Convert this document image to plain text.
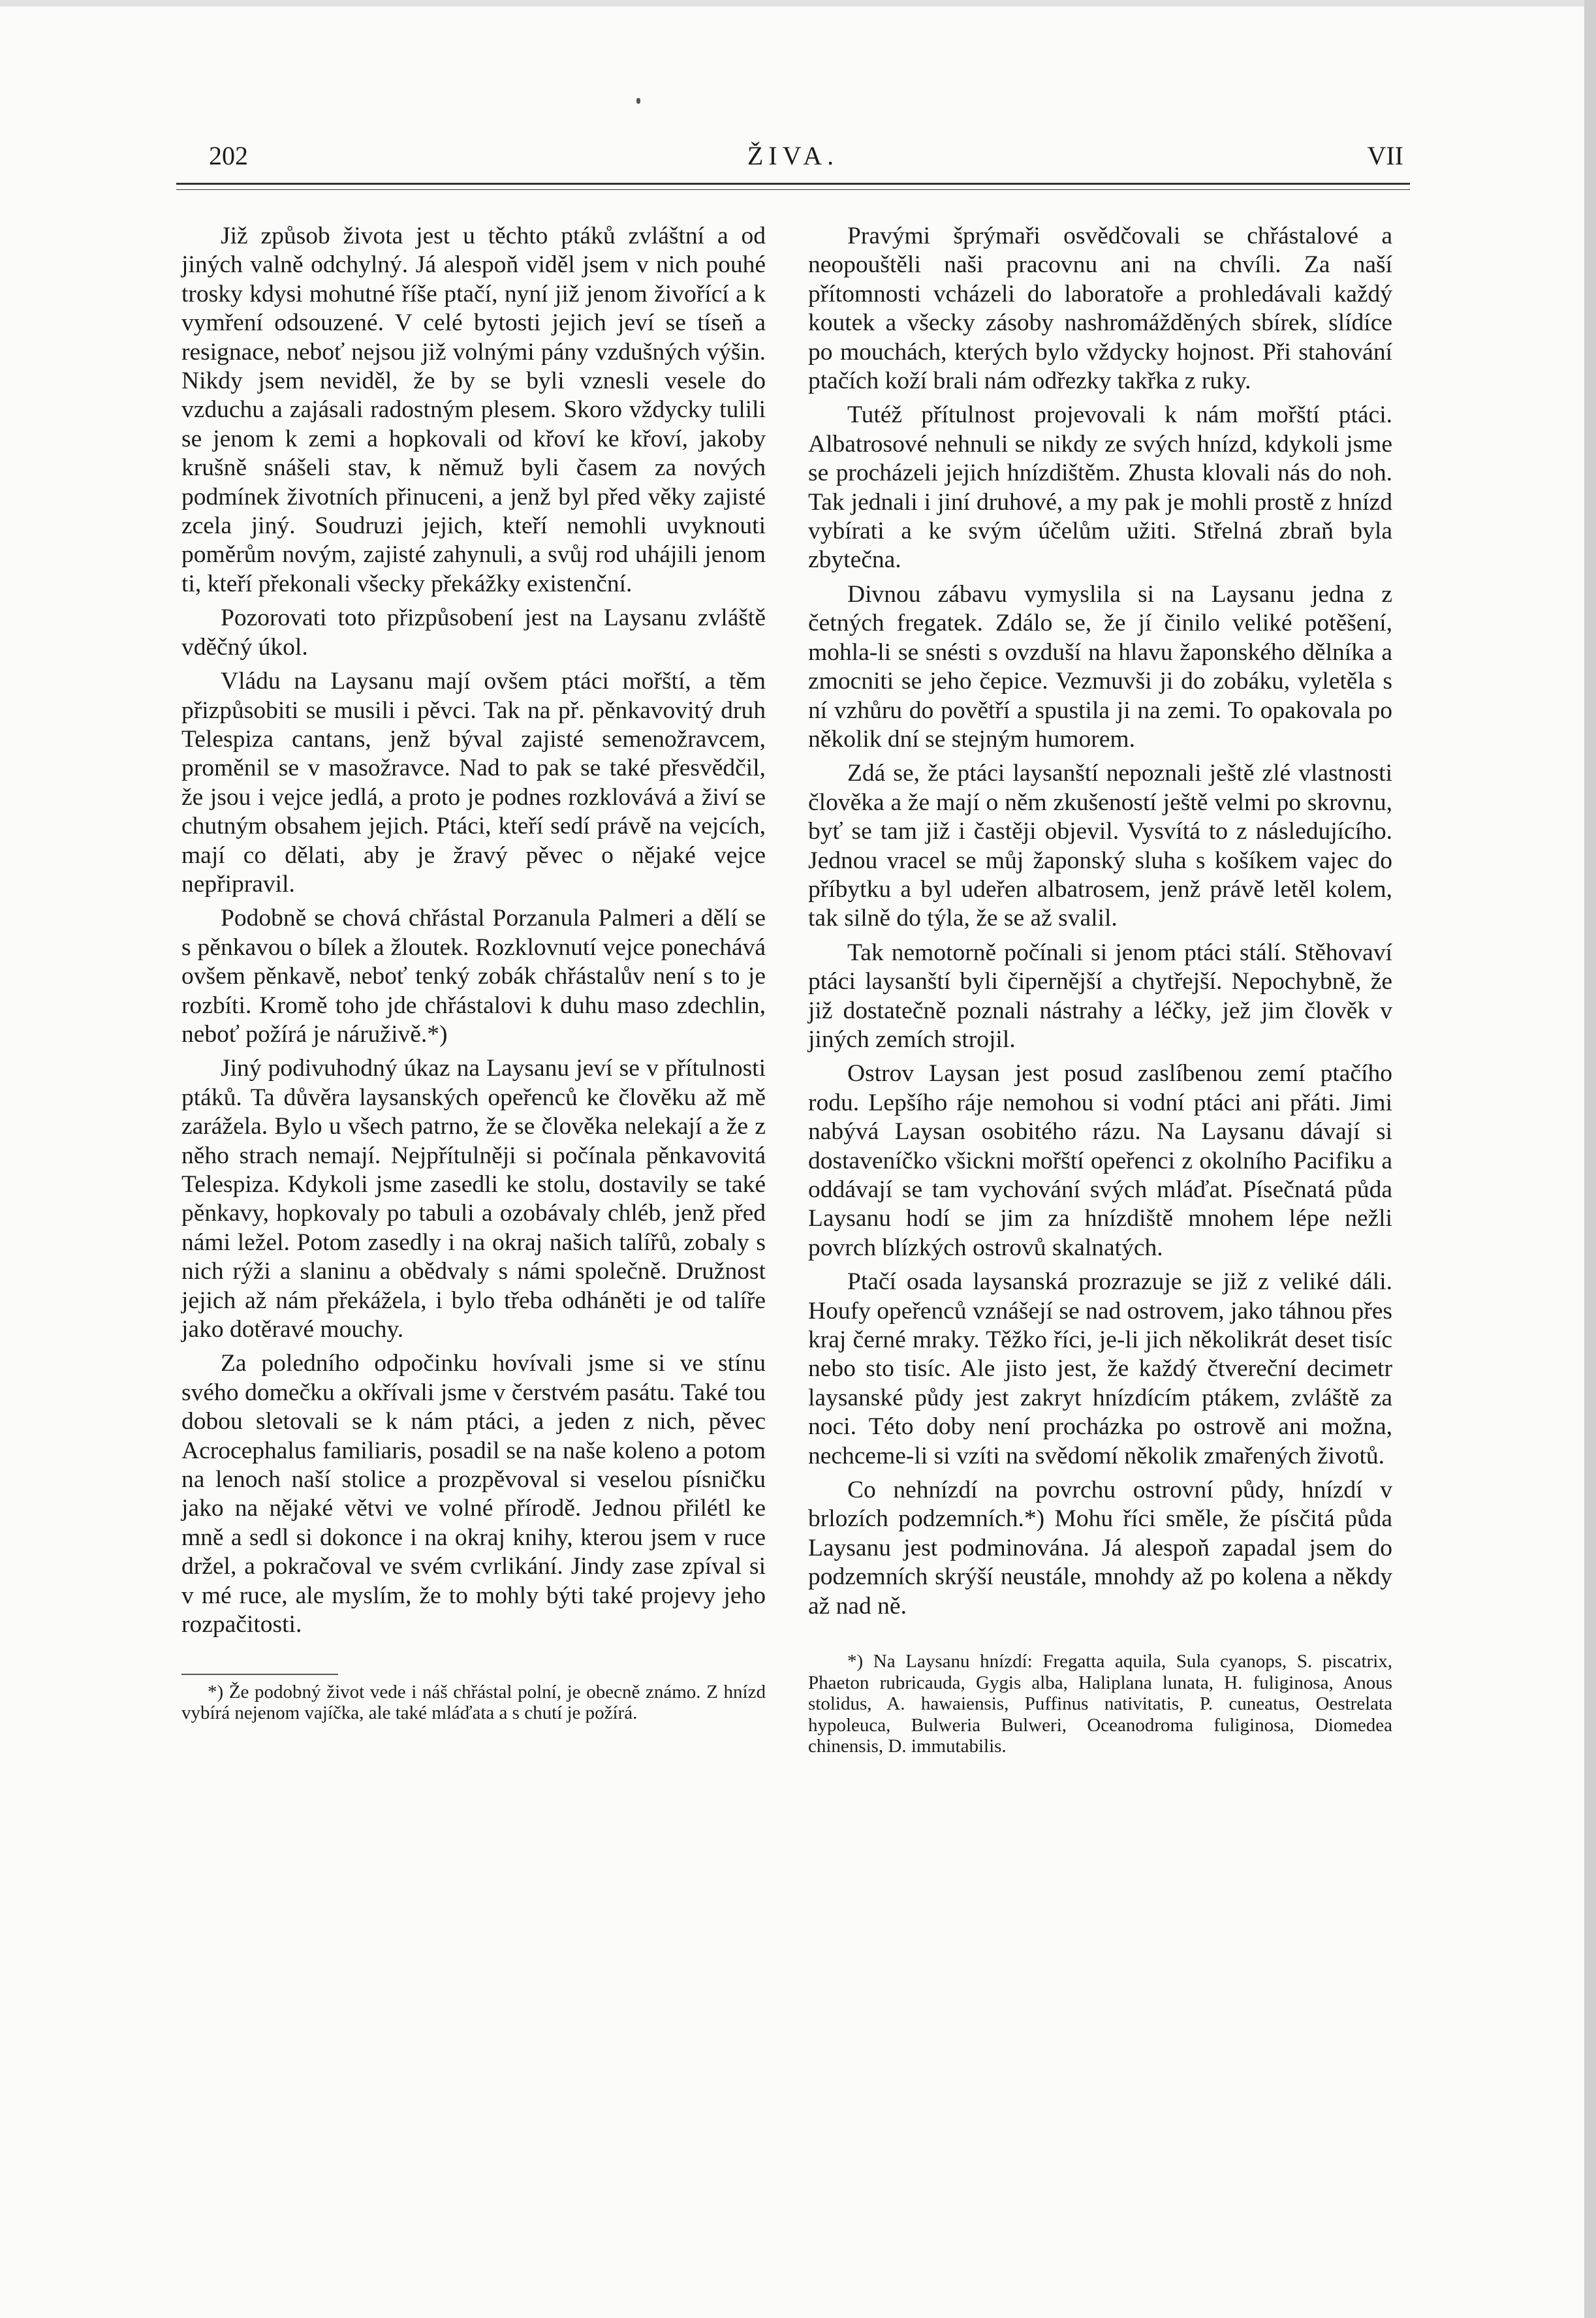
202	ŽIVA.	VII

Již způsob života jest u těchto ptáků zvláštní a od jiných valně odchylný. Já alespoň viděl jsem v nich pouhé trosky kdysi mohutné říše ptačí, nyní již jenom živořící a k vymření odsouzené. V celé bytosti jejich jeví se tíseň a resignace, neboť nejsou již volnými pány vzdušných výšin. Nikdy jsem neviděl, že by se byli vznesli vesele do vzduchu a zajásali radostným plesem. Skoro vždycky tulili se jenom k zemi a hopkovali od křoví ke křoví, jakoby krušně snášeli stav, k němuž byli časem za nových podmínek životních přinuceni, a jenž byl před věky zajisté zcela jiný. Soudruzi jejich, kteří nemohli uvyknouti poměrům novým, zajisté zahynuli, a svůj rod uhájili jenom ti, kteří překonali všecky překážky existenční.

Pozorovati toto přizpůsobení jest na Laysanu zvláště vděčný úkol.

Vládu na Laysanu mají ovšem ptáci mořští, a těm přizpůsobiti se musili i pěvci. Tak na př. pěnkavovitý druh Telespiza cantans, jenž býval zajisté semenožravcem, proměnil se v masožravce. Nad to pak se také přesvědčil, že jsou i vejce jedlá, a proto je podnes rozklovává a živí se chutným obsahem jejich. Ptáci, kteří sedí právě na vejcích, mají co dělati, aby je žravý pěvec o nějaké vejce nepřipravil.

Podobně se chová chřástal Porzanula Palmeri a dělí se s pěnkavou o bílek a žloutek. Rozklovnutí vejce ponechává ovšem pěnkavě, neboť tenký zobák chřástalův není s to je rozbíti. Kromě toho jde chřástalovi k duhu maso zdechlin, neboť požírá je náruživě.*)

Jiný podivuhodný úkaz na Laysanu jeví se v přítulnosti ptáků. Ta důvěra laysanských opeřenců ke člověku až mě zarážela. Bylo u všech patrno, že se člověka nelekají a že z něho strach nemají. Nejpřítulněji si počínala pěnkavovitá Telespiza. Kdykoli jsme zasedli ke stolu, dostavily se také pěnkavy, hopkovaly po tabuli a ozobávaly chléb, jenž před námi ležel. Potom zasedly i na okraj našich talířů, zobaly s nich rýži a slaninu a obědvaly s námi společně. Družnost jejich až nám překážela, i bylo třeba odháněti je od talíře jako dotěravé mouchy.

Za poledního odpočinku hovívali jsme si ve stínu svého domečku a okřívali jsme v čerstvém pasátu. Také tou dobou sletovali se k nám ptáci, a jeden z nich, pěvec Acrocephalus familiaris, posadil se na naše koleno a potom na lenoch naší stolice a prozpěvoval si veselou písničku jako na nějaké větvi ve volné přírodě. Jednou přilétl ke mně a sedl si dokonce i na okraj knihy, kterou jsem v ruce držel, a pokračoval ve svém cvrlikání. Jindy zase zpíval si v mé ruce, ale myslím, že to mohly býti také projevy jeho rozpačitosti.

*) Že podobný život vede i náš chřástal polní, je obecně známo. Z hnízd vybírá nejenom vajíčka, ale také mláďata a s chutí je požírá.

Pravými šprýmaři osvědčovali se chřástalové a neopouštěli naši pracovnu ani na chvíli. Za naší přítomnosti vcházeli do laboratoře a prohledávali každý koutek a všecky zásoby nashromážděných sbírek, slídíce po mouchách, kterých bylo vždycky hojnost. Při stahování ptačích koží brali nám odřezky takřka z ruky.

Tutéž přítulnost projevovali k nám mořští ptáci. Albatrosové nehnuli se nikdy ze svých hnízd, kdykoli jsme se procházeli jejich hnízdištěm. Zhusta klovali nás do noh. Tak jednali i jiní druhové, a my pak je mohli prostě z hnízd vybírati a ke svým účelům užiti. Střelná zbraň byla zbytečna.

Divnou zábavu vymyslila si na Laysanu jedna z četných fregatek. Zdálo se, že jí činilo veliké potěšení, mohla-li se snésti s ovzduší na hlavu žaponského dělníka a zmocniti se jeho čepice. Vezmuvši ji do zobáku, vyletěla s ní vzhůru do povětří a spustila ji na zemi. To opakovala po několik dní se stejným humorem.

Zdá se, že ptáci laysanští nepoznali ještě zlé vlastnosti člověka a že mají o něm zkušeností ještě velmi po skrovnu, byť se tam již i častěji objevil. Vysvítá to z následujícího. Jednou vracel se můj žaponský sluha s košíkem vajec do příbytku a byl udeřen albatrosem, jenž právě letěl kolem, tak silně do týla, že se až svalil.

Tak nemotorně počínali si jenom ptáci stálí. Stěhovaví ptáci laysanští byli čipernější a chytřejší. Nepochybně, že již dostatečně poznali nástrahy a léčky, jež jim člověk v jiných zemích strojil.

Ostrov Laysan jest posud zaslíbenou zemí ptačího rodu. Lepšího ráje nemohou si vodní ptáci ani přáti. Jimi nabývá Laysan osobitého rázu. Na Laysanu dávají si dostaveníčko všicknі mořští opeřenci z okolního Pacifiku a oddávají se tam vychování svých mláďat. Písečnatá půda Laysanu hodí se jim za hnízdiště mnohem lépe nežli povrch blízkých ostrovů skalnatých.

Ptačí osada laysanská prozrazuje se již z veliké dáli. Houfy opeřenců vznášejí se nad ostrovem, jako táhnou přes kraj černé mraky. Těžko říci, je-li jich několikrát deset tisíc nebo sto tisíc. Ale jisto jest, že každý čtvereční decimetr laysanské půdy jest zakryt hnízdícím ptákem, zvláště za noci. Této doby není procházka po ostrově ani možna, nechceme-li si vzíti na svědomí několik zmařených životů.

Co nehnízdí na povrchu ostrovní půdy, hnízdí v brlozích podzemních.*) Mohu říci směle, že písčitá půda Laysanu jest podminována. Já alespoň zapadal jsem do podzemních skrýší neustále, mnohdy až po kolena a někdy až nad ně.

*) Na Laysanu hnízdí: Fregatta aquila, Sula cyanops, S. piscatrix, Phaeton rubricauda, Gygis alba, Haliplana lunata, H. fuliginosa, Anous stolidus, A. hawaiensis, Puffinus nativitatis, P. cuneatus, Oestrelata hypoleuca, Bulweria Bulweri, Oceanodroma fuliginosa, Diomedea chinensis, D. immutabilis.
